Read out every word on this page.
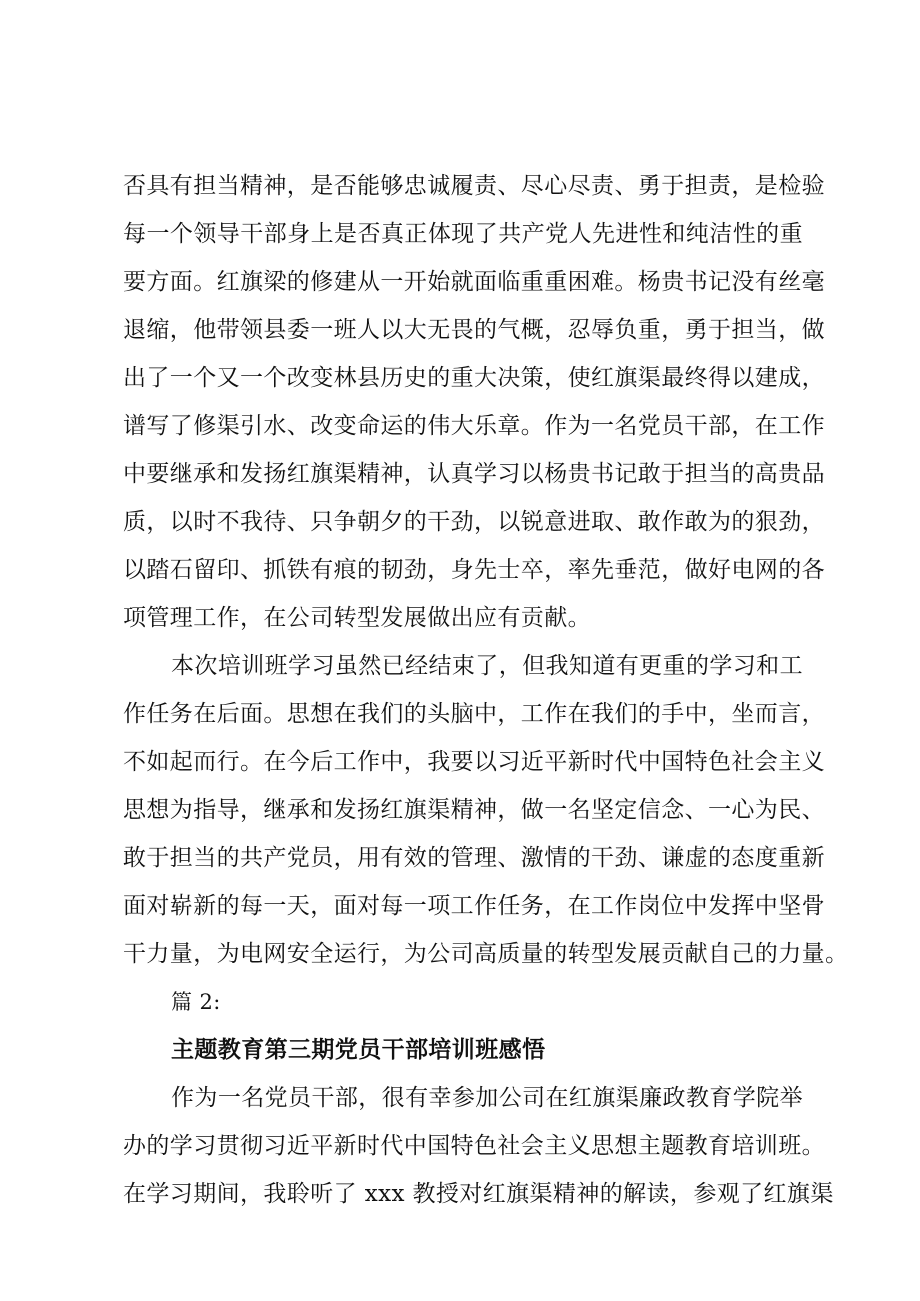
否具有担当精神，是否能够忠诚履责、尽心尽责、勇于担责，是检验
每一个领导干部身上是否真正体现了共产党人先进性和纯洁性的重
要方面。红旗梁的修建从一开始就面临重重困难。杨贵书记没有丝毫
退缩，他带领县委一班人以大无畏的气概，忍辱负重，勇于担当，做
出了一个又一个改变林县历史的重大决策，使红旗渠最终得以建成，
谱写了修渠引水、改变命运的伟大乐章。作为一名党员干部，在工作
中要继承和发扬红旗渠精神，认真学习以杨贵书记敢于担当的高贵品
质，以时不我待、只争朝夕的干劲，以锐意进取、敢作敢为的狠劲，
以踏石留印、抓铁有痕的韧劲，身先士卒，率先垂范，做好电网的各
项管理工作，在公司转型发展做出应有贡献。
本次培训班学习虽然已经结束了，但我知道有更重的学习和工
作任务在后面。思想在我们的头脑中，工作在我们的手中，坐而言，
不如起而行。在今后工作中，我要以习近平新时代中国特色社会主义
思想为指导，继承和发扬红旗渠精神，做一名坚定信念、一心为民、
敢于担当的共产党员，用有效的管理、激情的干劲、谦虚的态度重新
面对崭新的每一天，面对每一项工作任务，在工作岗位中发挥中坚骨
干力量，为电网安全运行，为公司高质量的转型发展贡献自己的力量。
篇 2:
主题教育第三期党员干部培训班感悟
作为一名党员干部，很有幸参加公司在红旗渠廉政教育学院举
办的学习贯彻习近平新时代中国特色社会主义思想主题教育培训班。
在学习期间，我聆听了 xxx 教授对红旗渠精神的解读，参观了红旗渠
